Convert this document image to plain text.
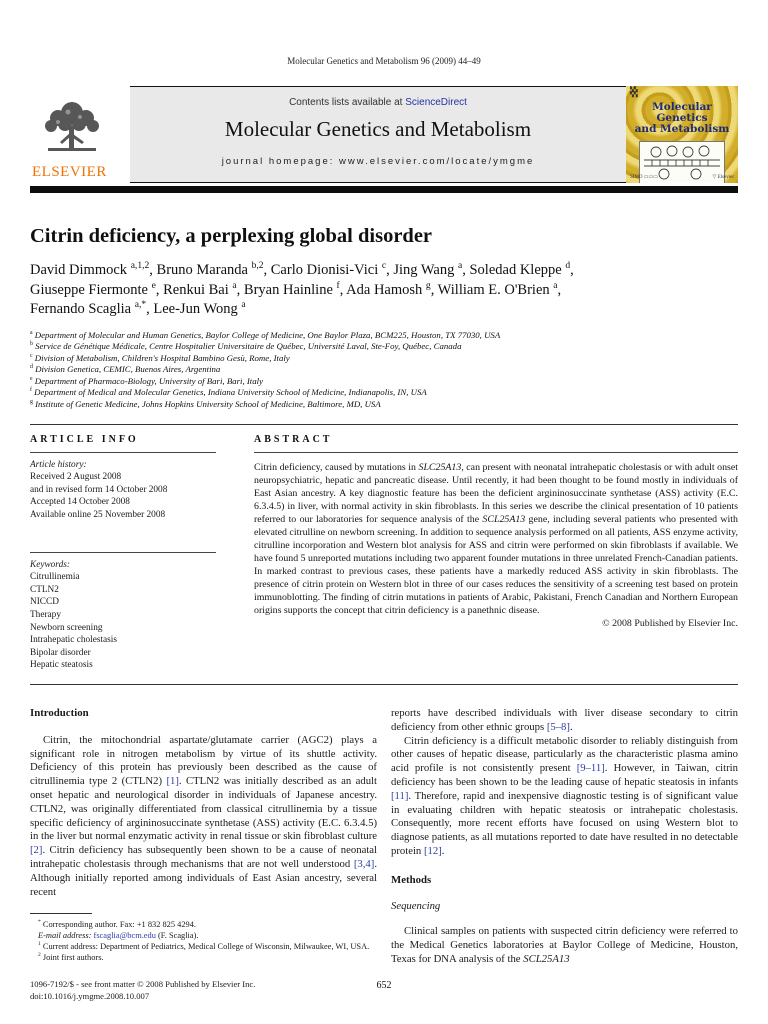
Molecular Genetics and Metabolism 96 (2009) 44–49
ELSEVIER
Contents lists available at ScienceDirect
Molecular Genetics and Metabolism
journal homepage: www.elsevier.com/locate/ymgme
▚▚
▚▚
Molecular Genetics
and Metabolism
SIMD ▭▭▭	▽ Elsevier
Citrin deficiency, a perplexing global disorder
David Dimmock $^{a,1,2}$, Bruno Maranda $^{b,2}$, Carlo Dionisi-Vici $^c$, Jing Wang $^a$, Soledad Kleppe $^d$,
Giuseppe Fiermonte $^e$, Renkui Bai $^a$, Bryan Hainline $^f$, Ada Hamosh $^g$, William E. O'Brien $^a$,
Fernando Scaglia $^{a,*}$, Lee-Jun Wong $^a$
$^a$ Department of Molecular and Human Genetics, Baylor College of Medicine, One Baylor Plaza, BCM225, Houston, TX 77030, USA
$^b$ Service de Génétique Médicale, Centre Hospitalier Universitaire de Québec, Université Laval, Ste-Foy, Québec, Canada
$^c$ Division of Metabolism, Children's Hospital Bambino Gesù, Rome, Italy
$^d$ Division Genetica, CEMIC, Buenos Aires, Argentina
$^e$ Department of Pharmaco-Biology, University of Bari, Bari, Italy
$^f$ Department of Medical and Molecular Genetics, Indiana University School of Medicine, Indianapolis, IN, USA
$^g$ Institute of Genetic Medicine, Johns Hopkins University School of Medicine, Baltimore, MD, USA
ARTICLE INFO
Article history:
Received 2 August 2008
and in revised form 14 October 2008
Accepted 14 October 2008
Available online 25 November 2008
Keywords:
Citrullinemia
CTLN2
NICCD
Therapy
Newborn screening
Intrahepatic cholestasis
Bipolar disorder
Hepatic steatosis
ABSTRACT
Citrin deficiency, caused by mutations in SLC25A13, can present with neonatal intrahepatic cholestasis or with adult onset neuropsychiatric, hepatic and pancreatic disease. Until recently, it had been thought to be found mostly in individuals of East Asian ancestry. A key diagnostic feature has been the deficient argininosuccinate synthetase (ASS) activity (E.C. 6.3.4.5) in liver, with normal activity in skin fibroblasts. In this series we describe the clinical presentation of 10 patients referred to our laboratories for sequence analysis of the SCL25A13 gene, including several patients who presented with elevated citrulline on newborn screening. In addition to sequence analysis performed on all patients, ASS enzyme activity, citrulline incorporation and Western blot analysis for ASS and citrin were performed on skin fibroblasts if available. We have found 5 unreported mutations including two apparent founder mutations in three unrelated French-Canadian patients. In marked contrast to previous cases, these patients have a markedly reduced ASS activity in skin fibroblasts. The presence of citrin protein on Western blot in three of our cases reduces the sensitivity of a screening test based on protein immunoblotting. The finding of citrin mutations in patients of Arabic, Pakistani, French Canadian and Northern European origins supports the concept that citrin deficiency is a panethnic disease.
© 2008 Published by Elsevier Inc.
Introduction

Citrin, the mitochondrial aspartate/glutamate carrier (AGC2) plays a significant role in nitrogen metabolism by virtue of its shuttle activity. Deficiency of this protein has previously been described as the cause of citrullinemia type 2 (CTLN2) [1]. CTLN2 was initially described as an adult onset hepatic and neurological disorder in individuals of Japanese ancestry. CTLN2, was originally differentiated from classical citrullinemia by a tissue specific deficiency of argininosuccinate synthetase (ASS) activity (E.C. 6.3.4.5) in the liver but normal enzymatic activity in renal tissue or skin fibroblast culture [2]. Citrin deficiency has subsequently been shown to be a cause of neonatal intrahepatic cholestasis through mechanisms that are not well understood [3,4]. Although initially reported among individuals of East Asian ancestry, several recent

* Corresponding author. Fax: +1 832 825 4294.

E-mail address: fscaglia@bcm.edu (F. Scaglia).

$^1$ Current address: Department of Pediatrics, Medical College of Wisconsin, Milwaukee, WI, USA.

$^2$ Joint first authors.

1096-7192/$ - see front matter © 2008 Published by Elsevier Inc.
doi:10.1016/j.ymgme.2008.10.007

reports have described individuals with liver disease secondary to citrin deficiency from other ethnic groups [5–8].

Citrin deficiency is a difficult metabolic disorder to reliably distinguish from other causes of hepatic disease, particularly as the characteristic plasma amino acid profile is not consistently present [9–11]. However, in Taiwan, citrin deficiency has been shown to be the leading cause of hepatic steatosis in infants [11]. Therefore, rapid and inexpensive diagnostic testing is of significant value in evaluating children with hepatic steatosis or intrahepatic cholestasis. Consequently, more recent efforts have focused on using Western blot to diagnose patients, as all mutations reported to date have resulted in no detectable protein [12].

Methods
Sequencing

Clinical samples on patients with suspected citrin deficiency were referred to the Medical Genetics laboratories at Baylor College of Medicine, Houston, Texas for DNA analysis of the SCL25A13

652
